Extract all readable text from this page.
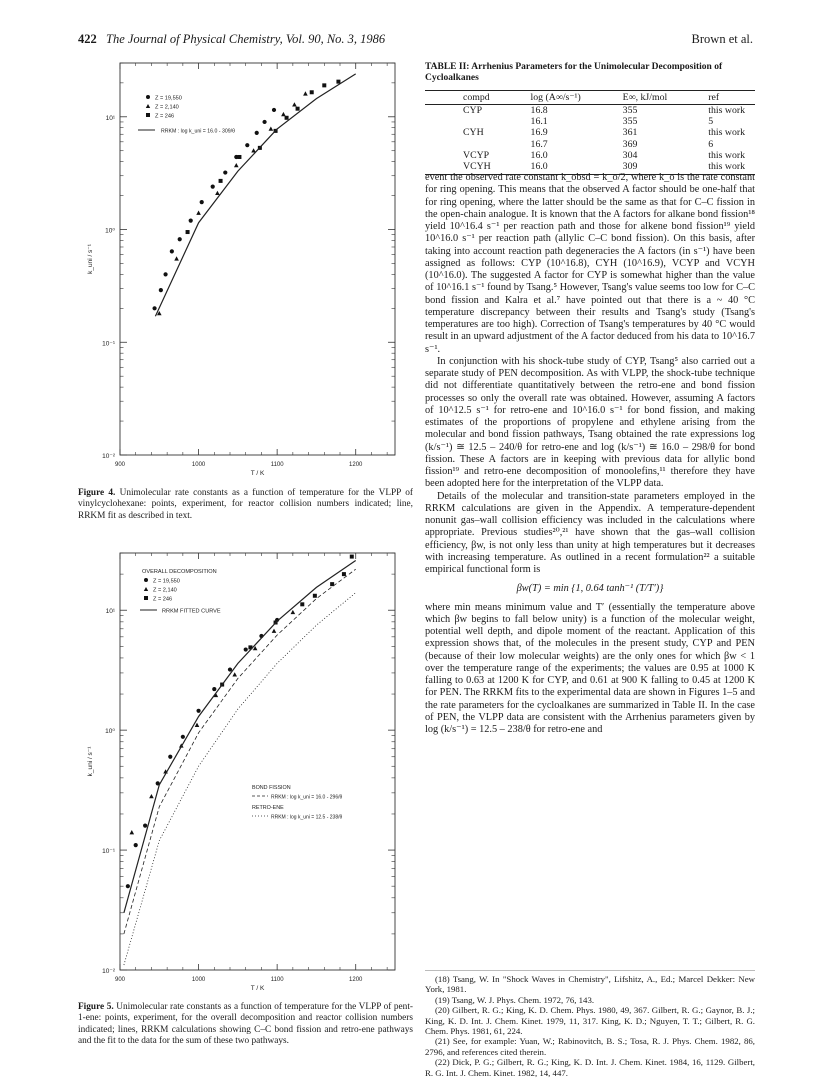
422 The Journal of Physical Chemistry, Vol. 90, No. 3, 1986	Brown et al.
10⁻²
10⁻¹
10⁰
10¹
900	1000	1100	1200
T / K
k_uni / s⁻¹
Z = 19,550
Z = 2,140
Z = 246
RRKM : log k_uni = 16.0 - 309/θ
Figure 4. Unimolecular rate constants as a function of temperature for the VLPP of vinylcyclohexane: points, experiment, for reactor collision numbers indicated; line, RRKM fit as described in text.
10⁻²
10⁻¹
10⁰
10¹
900	1000	1100	1200
T / K
k_uni / s⁻¹
OVERALL DECOMPOSITION
Z = 19,550
Z = 2,140
Z = 246
RRKM FITTED CURVE
BOND FISSION
RRKM : log k_uni = 16.0 - 296/θ
RETRO-ENE
RRKM : log k_uni = 12.5 - 238/θ
Figure 5. Unimolecular rate constants as a function of temperature for the VLPP of pent-1-ene: points, experiment, for the overall decomposition and reactor collision numbers indicated; lines, RRKM calculations showing C–C bond fission and retro-ene pathways and the fit to the data for the sum of these two pathways.
TABLE II: Arrhenius Parameters for the Unimolecular Decomposition of Cycloalkanes
compd	log (A∞/s⁻¹)	E∞, kJ/mol	ref
CYP	16.8	355	this work
	16.1	355	5
CYH	16.9	361	this work
	16.7	369	6
VCYP	16.0	304	this work
VCYH	16.0	309	this work

event the observed rate constant k_obsd = k_o/2, where k_o is the rate constant for ring opening. This means that the observed A factor should be one-half that for ring opening, where the latter should be the same as that for C–C fission in the open-chain analogue. It is known that the A factors for alkane bond fission¹⁸ yield 10^16.4 s⁻¹ per reaction path and those for alkene bond fission¹⁹ yield 10^16.0 s⁻¹ per reaction path (allylic C–C bond fission). On this basis, after taking into account reaction path degeneracies the A factors (in s⁻¹) have been assigned as follows: CYP (10^16.8), CYH (10^16.9), VCYP and VCYH (10^16.0). The suggested A factor for CYP is somewhat higher than the value of 10^16.1 s⁻¹ found by Tsang.⁵ However, Tsang's value seems too low for C–C bond fission and Kalra et al.⁷ have pointed out that there is a ~ 40 °C temperature discrepancy between their results and Tsang's study (Tsang's temperatures are too high). Correction of Tsang's temperatures by 40 °C would result in an upward adjustment of the A factor deduced from his data to 10^16.7 s⁻¹.

In conjunction with his shock-tube study of CYP, Tsang⁵ also carried out a separate study of PEN decomposition. As with VLPP, the shock-tube technique did not differentiate quantitatively between the retro-ene and bond fission processes so only the overall rate was obtained. However, assuming A factors of 10^12.5 s⁻¹ for retro-ene and 10^16.0 s⁻¹ for bond fission, and making estimates of the proportions of propylene and ethylene arising from the molecular and bond fission pathways, Tsang obtained the rate expressions log (k/s⁻¹) ≅ 12.5 – 240/θ for retro-ene and log (k/s⁻¹) ≅ 16.0 – 298/θ for bond fission. These A factors are in keeping with previous data for allylic bond fission¹⁹ and retro-ene decomposition of monoolefins,¹¹ therefore they have been adopted here for the interpretation of the VLPP data.

Details of the molecular and transition-state parameters employed in the RRKM calculations are given in the Appendix. A temperature-dependent nonunit gas–wall collision efficiency was included in the calculations where appropriate. Previous studies²⁰,²¹ have shown that the gas–wall collision efficiency, βw, is not only less than unity at high temperatures but it decreases with increasing temperature. As outlined in a recent formulation²² a suitable empirical functional form is

βw(T) = min {1, 0.64 tanh⁻¹ (T/T′)}

where min means minimum value and T′ (essentially the temperature above which βw begins to fall below unity) is a function of the molecular weight, potential well depth, and dipole moment of the reactant. Application of this expression shows that, of the molecules in the present study, CYP and PEN (because of their low molecular weights) are the only ones for which βw < 1 over the temperature range of the experiments; the values are 0.95 at 1000 K falling to 0.63 at 1200 K for CYP, and 0.61 at 900 K falling to 0.45 at 1200 K for PEN. The RRKM fits to the experimental data are shown in Figures 1–5 and the rate parameters for the cycloalkanes are summarized in Table II. In the case of PEN, the VLPP data are consistent with the Arrhenius parameters given by log (k/s⁻¹) = 12.5 – 238/θ for retro-ene and

(18) Tsang, W. In "Shock Waves in Chemistry", Lifshitz, A., Ed.; Marcel Dekker: New York, 1981.

(19) Tsang, W. J. Phys. Chem. 1972, 76, 143.

(20) Gilbert, R. G.; King, K. D. Chem. Phys. 1980, 49, 367. Gilbert, R. G.; Gaynor, B. J.; King, K. D. Int. J. Chem. Kinet. 1979, 11, 317. King, K. D.; Nguyen, T. T.; Gilbert, R. G. Chem. Phys. 1981, 61, 224.

(21) See, for example: Yuan, W.; Rabinovitch, B. S.; Tosa, R. J. Phys. Chem. 1982, 86, 2796, and references cited therein.

(22) Dick, P. G.; Gilbert, R. G.; King, K. D. Int. J. Chem. Kinet. 1984, 16, 1129. Gilbert, R. G. Int. J. Chem. Kinet. 1982, 14, 447.
